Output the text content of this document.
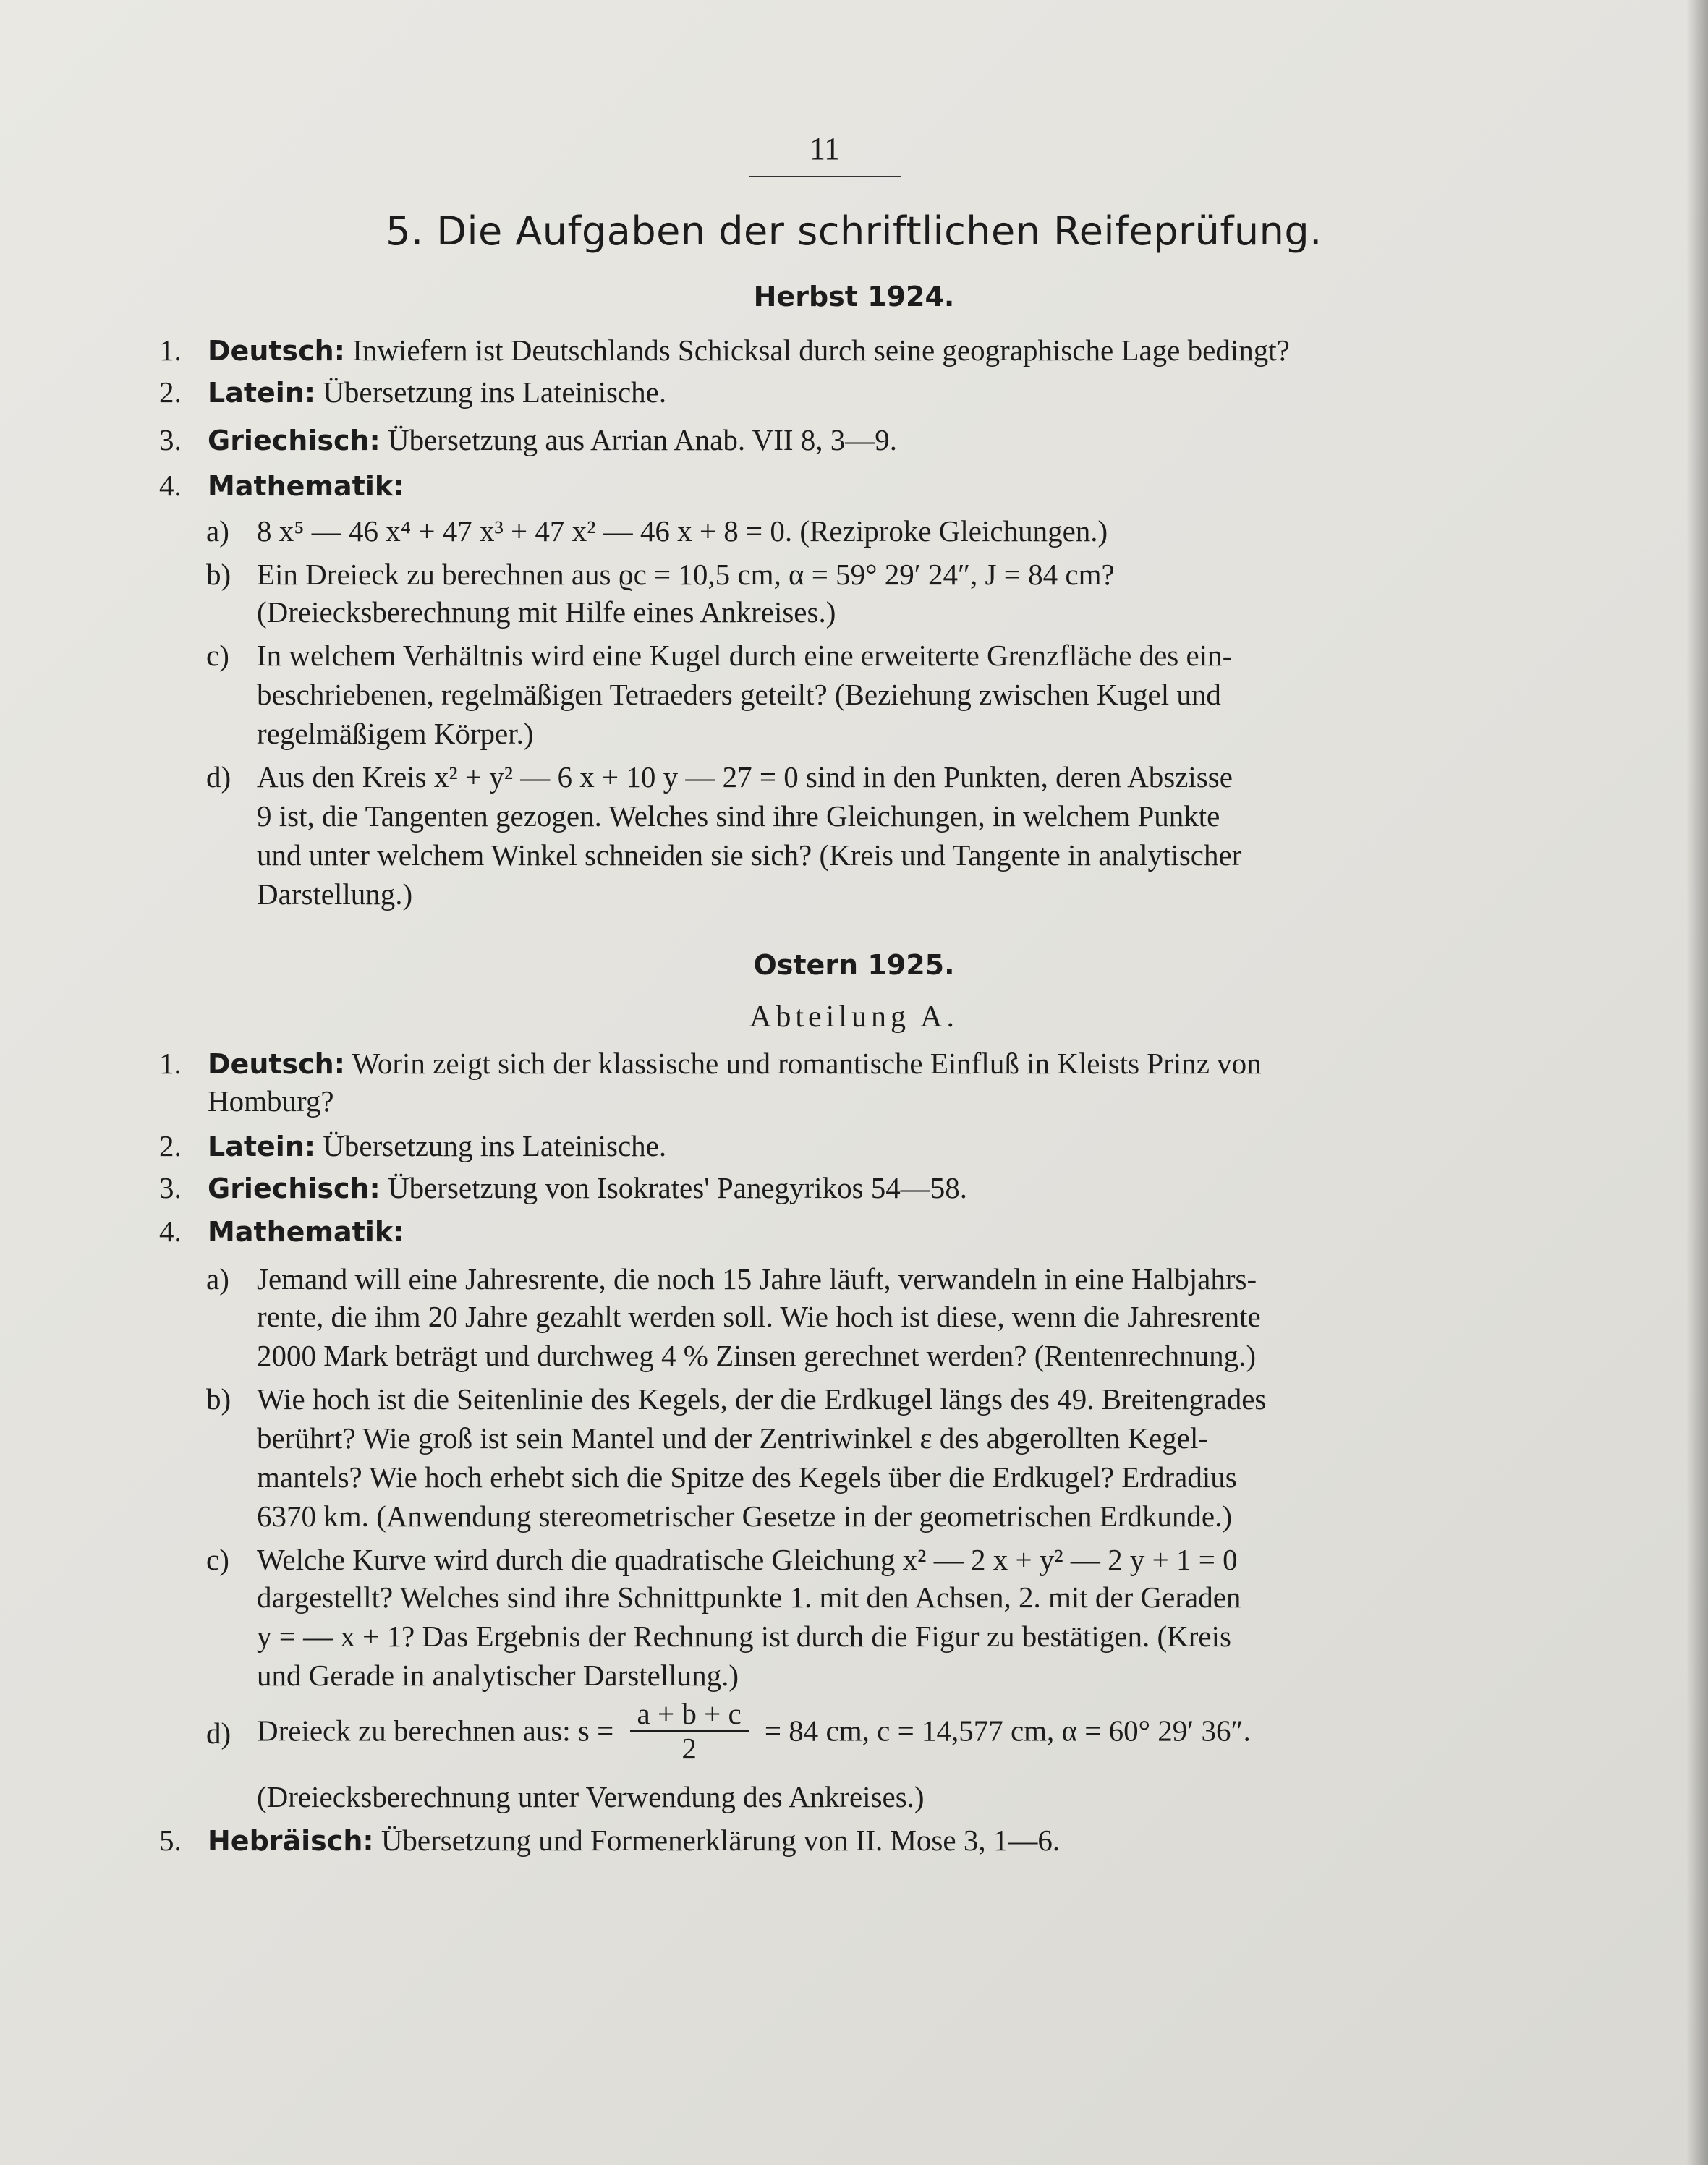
11
5. Die Aufgaben der schriftlichen Reifeprüfung.
Herbst 1924.
1. Deutsch: Inwiefern ist Deutschlands Schicksal durch seine geographische Lage bedingt?
2. Latein: Übersetzung ins Lateinische.
3. Griechisch: Übersetzung aus Arrian Anab. VII 8, 3—9.
4. Mathematik:
a) 8 x⁵ — 46 x⁴ + 47 x³ + 47 x² — 46 x + 8 = 0. (Reziproke Gleichungen.)
b) Ein Dreieck zu berechnen aus ϱc = 10,5 cm, α = 59° 29′ 24″, J = 84 cm?
(Dreiecksberechnung mit Hilfe eines Ankreises.)
c) In welchem Verhältnis wird eine Kugel durch eine erweiterte Grenzfläche des ein-
beschriebenen, regelmäßigen Tetraeders geteilt? (Beziehung zwischen Kugel und
regelmäßigem Körper.)
d) Aus den Kreis x² + y² — 6 x + 10 y — 27 = 0 sind in den Punkten, deren Abszisse
9 ist, die Tangenten gezogen. Welches sind ihre Gleichungen, in welchem Punkte
und unter welchem Winkel schneiden sie sich? (Kreis und Tangente in analytischer
Darstellung.)
Ostern 1925.
Abteilung A.
1. Deutsch: Worin zeigt sich der klassische und romantische Einfluß in Kleists Prinz von
Homburg?
2. Latein: Übersetzung ins Lateinische.
3. Griechisch: Übersetzung von Isokrates' Panegyrikos 54—58.
4. Mathematik:
a) Jemand will eine Jahresrente, die noch 15 Jahre läuft, verwandeln in eine Halbjahrs-
rente, die ihm 20 Jahre gezahlt werden soll. Wie hoch ist diese, wenn die Jahresrente
2000 Mark beträgt und durchweg 4 % Zinsen gerechnet werden? (Rentenrechnung.)
b) Wie hoch ist die Seitenlinie des Kegels, der die Erdkugel längs des 49. Breitengrades
berührt? Wie groß ist sein Mantel und der Zentriwinkel ε des abgerollten Kegel-
mantels? Wie hoch erhebt sich die Spitze des Kegels über die Erdkugel? Erdradius
6370 km. (Anwendung stereometrischer Gesetze in der geometrischen Erdkunde.)
c) Welche Kurve wird durch die quadratische Gleichung x² — 2 x + y² — 2 y + 1 = 0
dargestellt? Welches sind ihre Schnittpunkte 1. mit den Achsen, 2. mit der Geraden
y = — x + 1? Das Ergebnis der Rechnung ist durch die Figur zu bestätigen. (Kreis
und Gerade in analytischer Darstellung.)
d) Dreieck zu berechnen aus: $s = \frac{a + b + c}{2} = 84$ cm, c = 14,577 cm, α = 60° 29′ 36″.
(Dreiecksberechnung unter Verwendung des Ankreises.)
5. Hebräisch: Übersetzung und Formenerklärung von II. Mose 3, 1—6.
